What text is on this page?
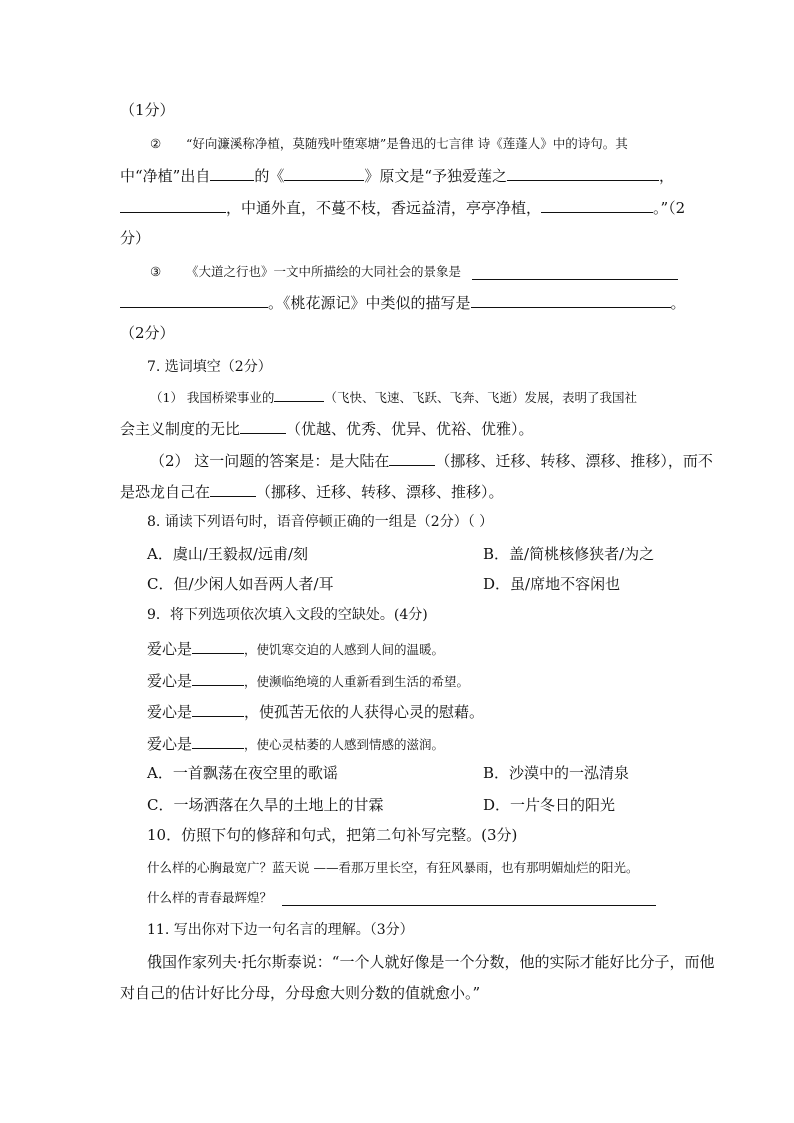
（1分）
② “好向濂溪称净植，莫随残叶堕寒塘”是鲁迅的七言律 诗《莲蓬人》中的诗句。其
中“净植”出自	的《	》原文是“予独爱莲之	，
，中通外直，不蔓不枝，香远益清，亭亭净植，	。”（2
分）
③ 《大道之行也》一文中所描绘的大同社会的景象是
。《桃花源记》中类似的描写是	。
（2分）
7. 选词填空（2分）
（1） 我国桥梁事业的	（飞快、飞速、飞跃、飞奔、飞逝）发展，表明了我国社
会主义制度的无比	（优越、优秀、优异、优裕、优雅）。
（2） 这一问题的答案是：是大陆在	（挪移、迁移、转移、漂移、推移），而不
是恐龙自己在	（挪移、迁移、转移、漂移、推移）。
8. 诵读下列语句时，语音停顿正确的一组是（2分）（ ）
A．虞山/王毅叔/远甫/刻	B．盖/简桃核修狭者/为之
C．但/少闲人如吾两人者/耳	D．虽/席地不容闲也
9．将下列选项依次填入文段的空缺处。(4分)
爱心是	，使饥寒交迫的人感到人间的温暖。
爱心是	，使濒临绝境的人重新看到生活的希望。
爱心是	，使孤苦无依的人获得心灵的慰藉。
爱心是	，使心灵枯萎的人感到情感的滋润。
A．一首飘荡在夜空里的歌谣	B．沙漠中的一泓清泉
C．一场洒落在久旱的土地上的甘霖	D．一片冬日的阳光
10．仿照下句的修辞和句式，把第二句补写完整。(3分)
什么样的心胸最宽广？蓝天说 ——看那万里长空，有狂风暴雨，也有那明媚灿烂的阳光。
什么样的青春最辉煌？
11. 写出你对下边一句名言的理解。（3分）
俄国作家列夫·托尔斯泰说：“一个人就好像是一个分数，他的实际才能好比分子，而他
对自己的估计好比分母，分母愈大则分数的值就愈小。”
